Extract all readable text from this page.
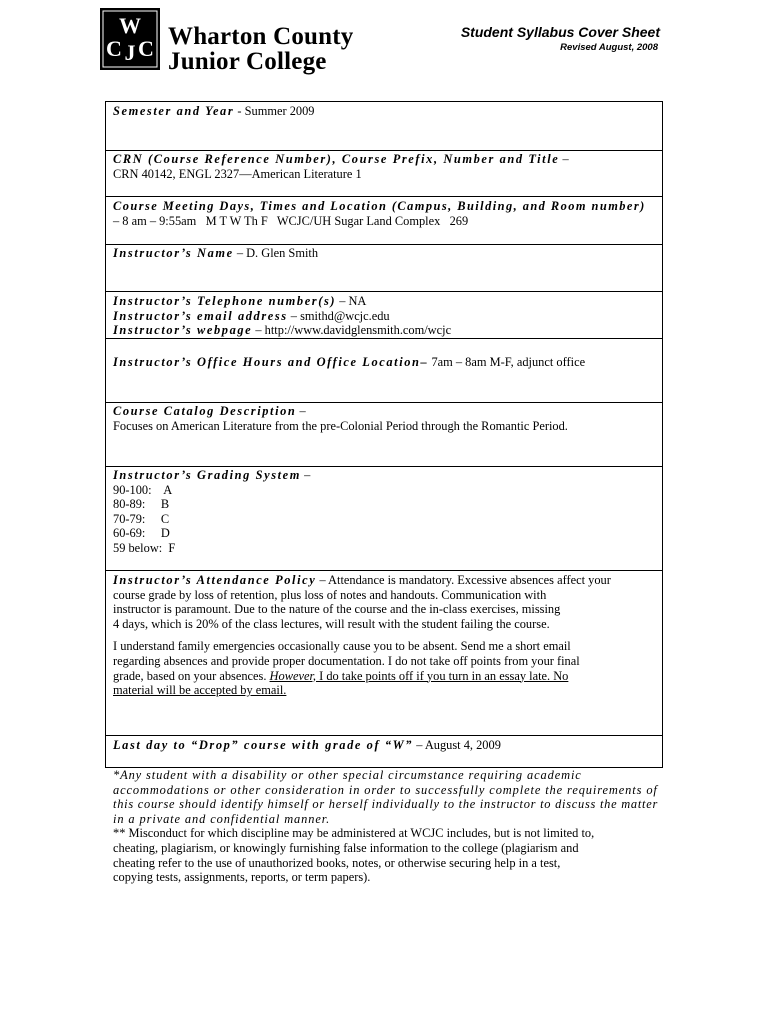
W
C J C Wharton County
Junior College
Student Syllabus Cover Sheet
Revised August, 2008
Semester and Year - Summer 2009
CRN (Course Reference Number), Course Prefix, Number and Title –
CRN 40142, ENGL 2327—American Literature 1
Course Meeting Days, Times and Location (Campus, Building, and Room number)
– 8 am – 9:55am   M T W Th F   WCJC/UH Sugar Land Complex   269
Instructor’s Name – D. Glen Smith
Instructor’s Telephone number(s) – NA
Instructor’s email address – smithd@wcjc.edu
Instructor’s webpage – http://www.davidglensmith.com/wcjc
Instructor’s Office Hours and Office Location– 7am – 8am M-F, adjunct office
Course Catalog Description –
Focuses on American Literature from the pre-Colonial Period through the Romantic Period.
Instructor’s Grading System –
90-100:    A
80-89:     B
70-79:     C
60-69:     D
59 below:  F
Instructor’s Attendance Policy – Attendance is mandatory. Excessive absences affect your
course grade by loss of retention, plus loss of notes and handouts. Communication with
instructor is paramount. Due to the nature of the course and the in-class exercises, missing
4 days, which is 20% of the class lectures, will result with the student failing the course.
I understand family emergencies occasionally cause you to be absent. Send me a short email
regarding absences and provide proper documentation. I do not take off points from your final
grade, based on your absences. However, I do take points off if you turn in an essay late. No
material will be accepted by email.
Last day to “Drop” course with grade of “W” – August 4, 2009
*Any student with a disability or other special circumstance requiring academic
accommodations or other consideration in order to successfully complete the requirements of
this course should identify himself or herself individually to the instructor to discuss the matter
in a private and confidential manner.
** Misconduct for which discipline may be administered at WCJC includes, but is not limited to,
cheating, plagiarism, or knowingly furnishing false information to the college (plagiarism and
cheating refer to the use of unauthorized books, notes, or otherwise securing help in a test,
copying tests, assignments, reports, or term papers).
